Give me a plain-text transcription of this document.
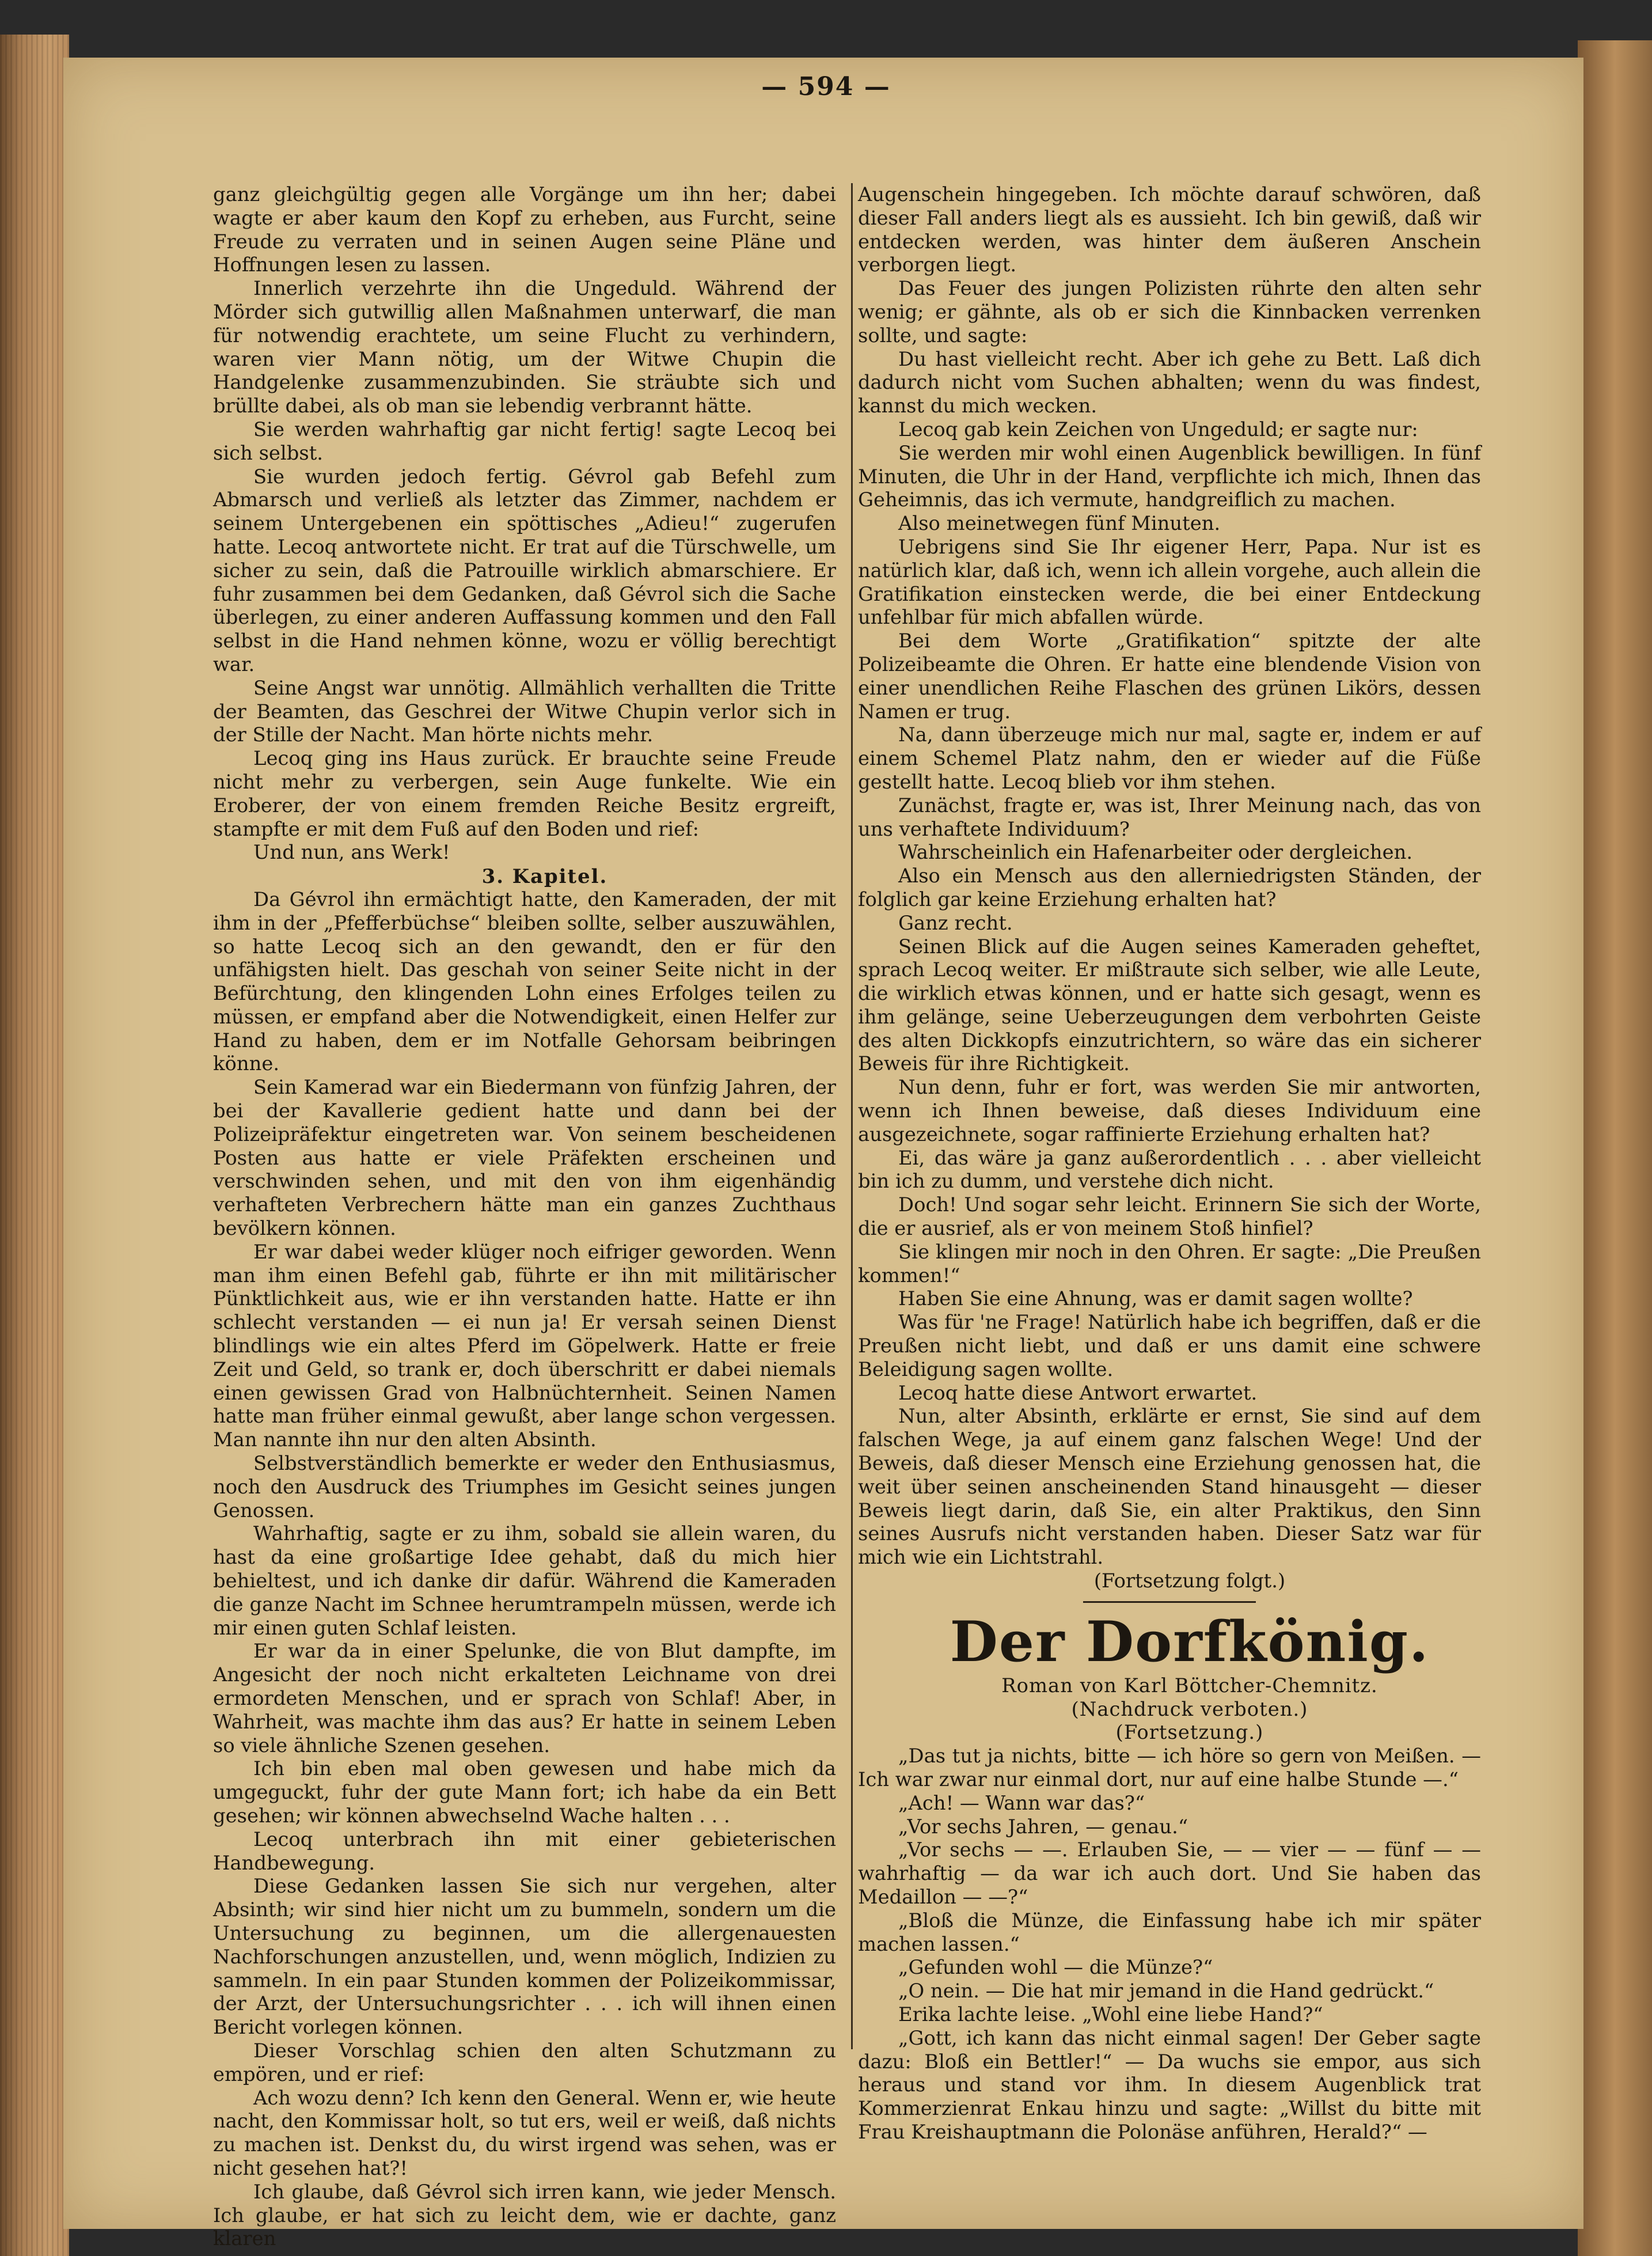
— 594 —

ganz gleichgültig gegen alle Vorgänge um ihn her; dabei wagte er aber kaum den Kopf zu erheben, aus Furcht, seine Freude zu verraten und in seinen Augen seine Pläne und Hoffnungen lesen zu lassen.

Innerlich verzehrte ihn die Ungeduld. Während der Mörder sich gutwillig allen Maßnahmen unterwarf, die man für notwendig erachtete, um seine Flucht zu verhindern, waren vier Mann nötig, um der Witwe Chupin die Handgelenke zusammenzubinden. Sie sträubte sich und brüllte dabei, als ob man sie lebendig verbrannt hätte.

Sie werden wahrhaftig gar nicht fertig! sagte Lecoq bei sich selbst.

Sie wurden jedoch fertig. Gévrol gab Befehl zum Abmarsch und verließ als letzter das Zimmer, nachdem er seinem Untergebenen ein spöttisches „Adieu!“ zugerufen hatte. Lecoq antwortete nicht. Er trat auf die Türschwelle, um sicher zu sein, daß die Patrouille wirklich abmarschiere. Er fuhr zusammen bei dem Gedanken, daß Gévrol sich die Sache überlegen, zu einer anderen Auffassung kommen und den Fall selbst in die Hand nehmen könne, wozu er völlig berechtigt war.

Seine Angst war unnötig. Allmählich verhallten die Tritte der Beamten, das Geschrei der Witwe Chupin verlor sich in der Stille der Nacht. Man hörte nichts mehr.

Lecoq ging ins Haus zurück. Er brauchte seine Freude nicht mehr zu verbergen, sein Auge funkelte. Wie ein Eroberer, der von einem fremden Reiche Besitz ergreift, stampfte er mit dem Fuß auf den Boden und rief:

Und nun, ans Werk!

3. Kapitel.

Da Gévrol ihn ermächtigt hatte, den Kameraden, der mit ihm in der „Pfefferbüchse“ bleiben sollte, selber auszuwählen, so hatte Lecoq sich an den gewandt, den er für den unfähigsten hielt. Das geschah von seiner Seite nicht in der Befürchtung, den klingenden Lohn eines Erfolges teilen zu müssen, er empfand aber die Notwendigkeit, einen Helfer zur Hand zu haben, dem er im Notfalle Gehorsam beibringen könne.

Sein Kamerad war ein Biedermann von fünfzig Jahren, der bei der Kavallerie gedient hatte und dann bei der Polizeipräfektur eingetreten war. Von seinem bescheidenen Posten aus hatte er viele Präfekten erscheinen und verschwinden sehen, und mit den von ihm eigenhändig verhafteten Verbrechern hätte man ein ganzes Zuchthaus bevölkern können.

Er war dabei weder klüger noch eifriger geworden. Wenn man ihm einen Befehl gab, führte er ihn mit militärischer Pünktlichkeit aus, wie er ihn verstanden hatte. Hatte er ihn schlecht verstanden — ei nun ja! Er versah seinen Dienst blindlings wie ein altes Pferd im Göpelwerk. Hatte er freie Zeit und Geld, so trank er, doch überschritt er dabei niemals einen gewissen Grad von Halbnüchternheit. Seinen Namen hatte man früher einmal gewußt, aber lange schon vergessen. Man nannte ihn nur den alten Absinth.

Selbstverständlich bemerkte er weder den Enthusiasmus, noch den Ausdruck des Triumphes im Gesicht seines jungen Genossen.

Wahrhaftig, sagte er zu ihm, sobald sie allein waren, du hast da eine großartige Idee gehabt, daß du mich hier behieltest, und ich danke dir dafür. Während die Kameraden die ganze Nacht im Schnee herumtrampeln müssen, werde ich mir einen guten Schlaf leisten.

Er war da in einer Spelunke, die von Blut dampfte, im Angesicht der noch nicht erkalteten Leichname von drei ermordeten Menschen, und er sprach von Schlaf! Aber, in Wahrheit, was machte ihm das aus? Er hatte in seinem Leben so viele ähnliche Szenen gesehen.

Ich bin eben mal oben gewesen und habe mich da umgeguckt, fuhr der gute Mann fort; ich habe da ein Bett gesehen; wir können abwechselnd Wache halten . . .

Lecoq unterbrach ihn mit einer gebieterischen Handbewegung.

Diese Gedanken lassen Sie sich nur vergehen, alter Absinth; wir sind hier nicht um zu bummeln, sondern um die Untersuchung zu beginnen, um die allergenauesten Nachforschungen anzustellen, und, wenn möglich, Indizien zu sammeln. In ein paar Stunden kommen der Polizeikommissar, der Arzt, der Untersuchungsrichter . . . ich will ihnen einen Bericht vorlegen können.

Dieser Vorschlag schien den alten Schutzmann zu empören, und er rief:

Ach wozu denn? Ich kenn den General. Wenn er, wie heute nacht, den Kommissar holt, so tut ers, weil er weiß, daß nichts zu machen ist. Denkst du, du wirst irgend was sehen, was er nicht gesehen hat?!

Ich glaube, daß Gévrol sich irren kann, wie jeder Mensch. Ich glaube, er hat sich zu leicht dem, wie er dachte, ganz klaren

Augenschein hingegeben. Ich möchte darauf schwören, daß dieser Fall anders liegt als es aussieht. Ich bin gewiß, daß wir entdecken werden, was hinter dem äußeren Anschein verborgen liegt.

Das Feuer des jungen Polizisten rührte den alten sehr wenig; er gähnte, als ob er sich die Kinnbacken verrenken sollte, und sagte:

Du hast vielleicht recht. Aber ich gehe zu Bett. Laß dich dadurch nicht vom Suchen abhalten; wenn du was findest, kannst du mich wecken.

Lecoq gab kein Zeichen von Ungeduld; er sagte nur:

Sie werden mir wohl einen Augenblick bewilligen. In fünf Minuten, die Uhr in der Hand, verpflichte ich mich, Ihnen das Geheimnis, das ich vermute, handgreiflich zu machen.

Also meinetwegen fünf Minuten.

Uebrigens sind Sie Ihr eigener Herr, Papa. Nur ist es natürlich klar, daß ich, wenn ich allein vorgehe, auch allein die Gratifikation einstecken werde, die bei einer Entdeckung unfehlbar für mich abfallen würde.

Bei dem Worte „Gratifikation“ spitzte der alte Polizeibeamte die Ohren. Er hatte eine blendende Vision von einer unendlichen Reihe Flaschen des grünen Likörs, dessen Namen er trug.

Na, dann überzeuge mich nur mal, sagte er, indem er auf einem Schemel Platz nahm, den er wieder auf die Füße gestellt hatte. Lecoq blieb vor ihm stehen.

Zunächst, fragte er, was ist, Ihrer Meinung nach, das von uns verhaftete Individuum?

Wahrscheinlich ein Hafenarbeiter oder dergleichen.

Also ein Mensch aus den allerniedrigsten Ständen, der folglich gar keine Erziehung erhalten hat?

Ganz recht.

Seinen Blick auf die Augen seines Kameraden geheftet, sprach Lecoq weiter. Er mißtraute sich selber, wie alle Leute, die wirklich etwas können, und er hatte sich gesagt, wenn es ihm gelänge, seine Ueberzeugungen dem verbohrten Geiste des alten Dickkopfs einzutrichtern, so wäre das ein sicherer Beweis für ihre Richtigkeit.

Nun denn, fuhr er fort, was werden Sie mir antworten, wenn ich Ihnen beweise, daß dieses Individuum eine ausgezeichnete, sogar raffinierte Erziehung erhalten hat?

Ei, das wäre ja ganz außerordentlich . . . aber vielleicht bin ich zu dumm, und verstehe dich nicht.

Doch! Und sogar sehr leicht. Erinnern Sie sich der Worte, die er ausrief, als er von meinem Stoß hinfiel?

Sie klingen mir noch in den Ohren. Er sagte: „Die Preußen kommen!“

Haben Sie eine Ahnung, was er damit sagen wollte?

Was für 'ne Frage! Natürlich habe ich begriffen, daß er die Preußen nicht liebt, und daß er uns damit eine schwere Beleidigung sagen wollte.

Lecoq hatte diese Antwort erwartet.

Nun, alter Absinth, erklärte er ernst, Sie sind auf dem falschen Wege, ja auf einem ganz falschen Wege! Und der Beweis, daß dieser Mensch eine Erziehung genossen hat, die weit über seinen anscheinenden Stand hinausgeht — dieser Beweis liegt darin, daß Sie, ein alter Praktikus, den Sinn seines Ausrufs nicht verstanden haben. Dieser Satz war für mich wie ein Lichtstrahl.

(Fortsetzung folgt.)

Der Dorfkönig.

Roman von Karl Böttcher-Chemnitz.

(Nachdruck verboten.)

(Fortsetzung.)

„Das tut ja nichts, bitte — ich höre so gern von Meißen. — Ich war zwar nur einmal dort, nur auf eine halbe Stunde —.“

„Ach! — Wann war das?“

„Vor sechs Jahren, — genau.“

„Vor sechs — —. Erlauben Sie, — — vier — — fünf — — wahrhaftig — da war ich auch dort. Und Sie haben das Medaillon — —?“

„Bloß die Münze, die Einfassung habe ich mir später machen lassen.“

„Gefunden wohl — die Münze?“

„O nein. — Die hat mir jemand in die Hand gedrückt.“

Erika lachte leise. „Wohl eine liebe Hand?“

„Gott, ich kann das nicht einmal sagen! Der Geber sagte dazu: Bloß ein Bettler!“ — Da wuchs sie empor, aus sich heraus und stand vor ihm. In diesem Augenblick trat Kommerzienrat Enkau hinzu und sagte: „Willst du bitte mit Frau Kreishauptmann die Polonäse anführen, Herald?“ —
